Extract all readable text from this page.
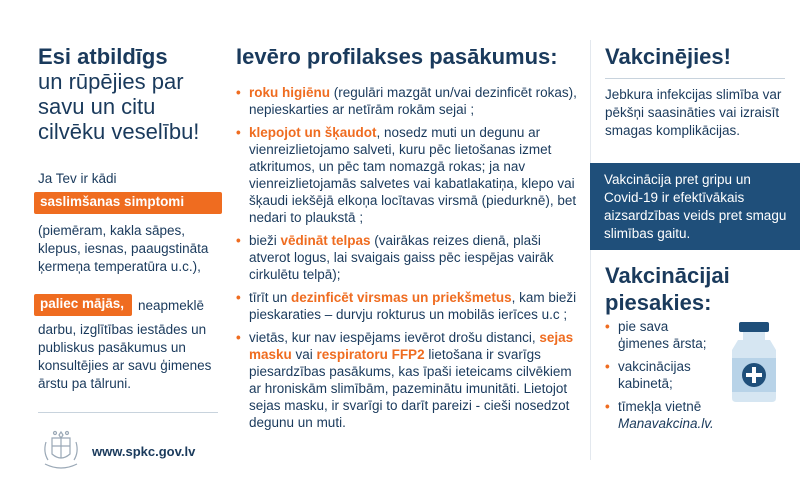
Esi atbildīgs
un rūpējies par savu un citu cilvēku veselību!
Ja Tev ir kādi
saslimšanas simptomi
(piemēram, kakla sāpes, klepus, iesnas, paaugstināta ķermeņa temperatūra u.c.),
paliec mājās, neapmeklē
darbu, izglītības iestādes un publiskus pasākumus un konsultējies ar savu ģimenes ārstu pa tālruni.
www.spkc.gov.lv
Ievēro profilakses pasākumus:
• roku higiēnu (regulāri mazgāt un/vai dezinficēt rokas), nepieskarties ar netīrām rokām sejai ;
• klepojot un šķaudot, nosedz muti un degunu ar vienreizlietojamo salveti, kuru pēc lietošanas izmet atkritumos, un pēc tam nomazgā rokas; ja nav vienreizlietojamās salvetes vai kabatlakatiņa, klepo vai šķaudi iekšējā elkoņa locītavas virsmā (piedurknē), bet nedari to plaukstā ;
• bieži vēdināt telpas (vairākas reizes dienā, plaši atverot logus, lai svaigais gaiss pēc iespējas vairāk cirkulētu telpā);
• tīrīt un dezinficēt virsmas un priekšmetus, kam bieži pieskaraties – durvju rokturus un mobilās ierīces u.c ;
• vietās, kur nav iespējams ievērot drošu distanci, sejas masku vai respiratoru FFP2 lietošana ir svarīgs piesardzības pasākums, kas īpaši ieteicams cilvēkiem ar hroniskām slimībām, pazeminātu imunitāti. Lietojot sejas masku, ir svarīgi to darīt pareizi - cieši nosedzot degunu un muti.
Vakcinējies!
Jebkura infekcijas slimība var pēkšņi saasināties vai izraisīt smagas komplikācijas.
Vakcinācija pret gripu un Covid-19 ir efektīvākais aizsardzības veids pret smagu slimības gaitu.
Vakcinācijai piesakies:
• pie sava ģimenes ārsta;
• vakcinācijas kabinetā;
• tīmekļa vietnē
Manavakcina.lv.
